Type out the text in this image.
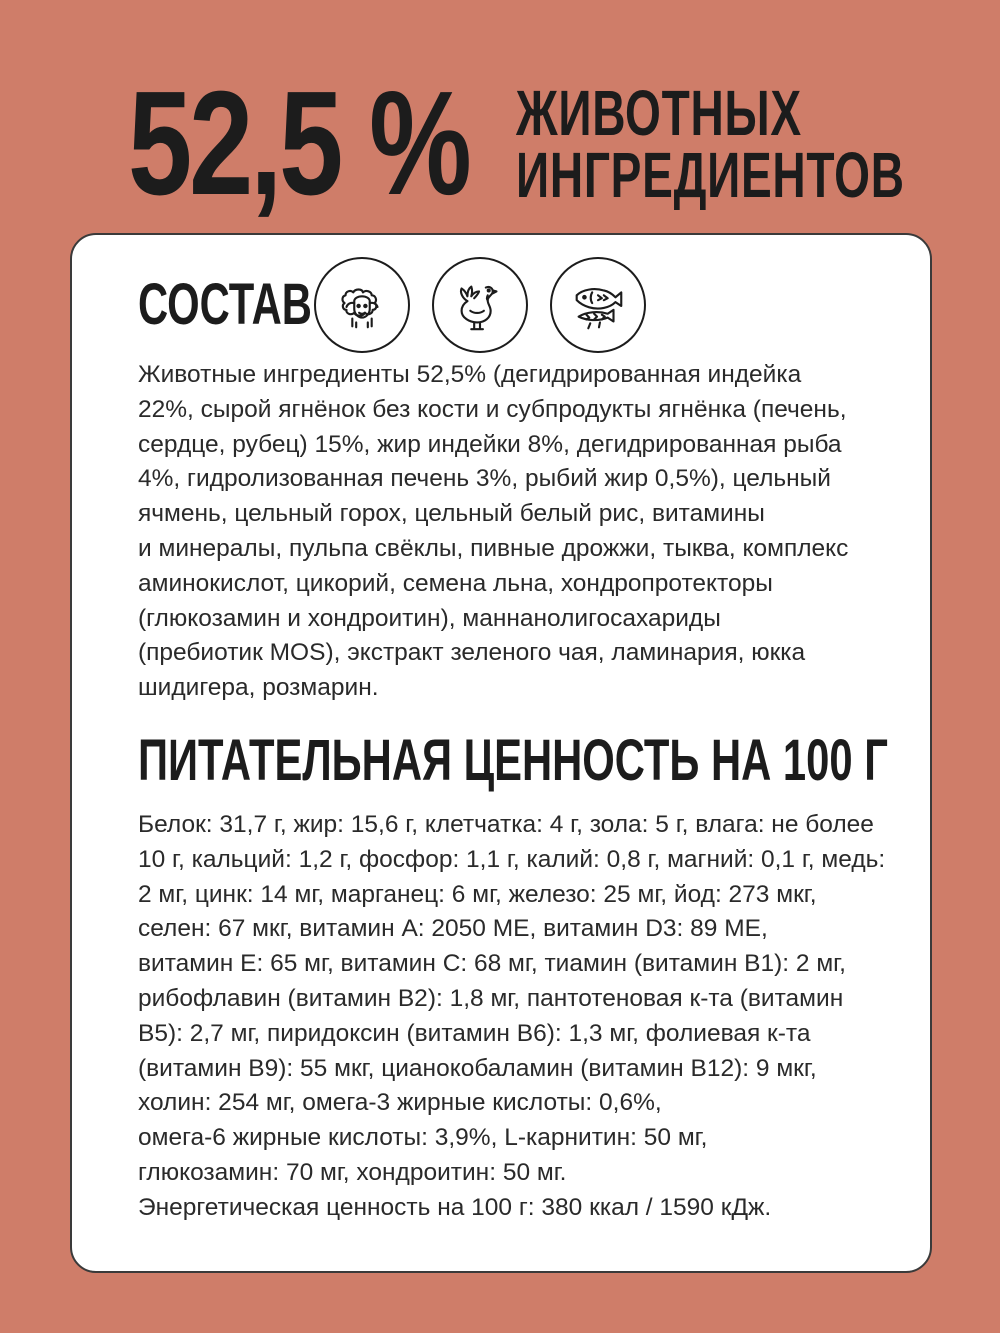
52,5 % ЖИВОТНЫХ
ИНГРЕДИЕНТОВ
СОСТАВ
Животные ингредиенты 52,5% (дегидрированная индейка
22%, сырой ягнёнок без кости и субпродукты ягнёнка (печень,
сердце, рубец) 15%, жир индейки 8%, дегидрированная рыба
4%, гидролизованная печень 3%, рыбий жир 0,5%), цельный
ячмень, цельный горох, цельный белый рис, витамины
и минералы, пульпа свёклы, пивные дрожжи, тыква, комплекс
аминокислот, цикорий, семена льна, хондропротекторы
(глюкозамин и хондроитин), маннанолигосахариды
(пребиотик MOS), экстракт зеленого чая, ламинария, юкка
шидигера, розмарин.
ПИТАТЕЛЬНАЯ ЦЕННОСТЬ НА 100 Г
Белок: 31,7 г, жир: 15,6 г, клетчатка: 4 г, зола: 5 г, влага: не более
10 г, кальций: 1,2 г, фосфор: 1,1 г, калий: 0,8 г, магний: 0,1 г, медь:
2 мг, цинк: 14 мг, марганец: 6 мг, железо: 25 мг, йод: 273 мкг,
селен: 67 мкг, витамин А: 2050 МЕ, витамин D3: 89 МЕ,
витамин Е: 65 мг, витамин С: 68 мг, тиамин (витамин В1): 2 мг,
рибофлавин (витамин В2): 1,8 мг, пантотеновая к-та (витамин
В5): 2,7 мг, пиридоксин (витамин В6): 1,3 мг, фолиевая к-та
(витамин В9): 55 мкг, цианокобаламин (витамин В12): 9 мкг,
холин: 254 мг, омега-3 жирные кислоты: 0,6%,
омега-6 жирные кислоты: 3,9%, L-карнитин: 50 мг,
глюкозамин: 70 мг, хондроитин: 50 мг.
Энергетическая ценность на 100 г: 380 ккал / 1590 кДж.
